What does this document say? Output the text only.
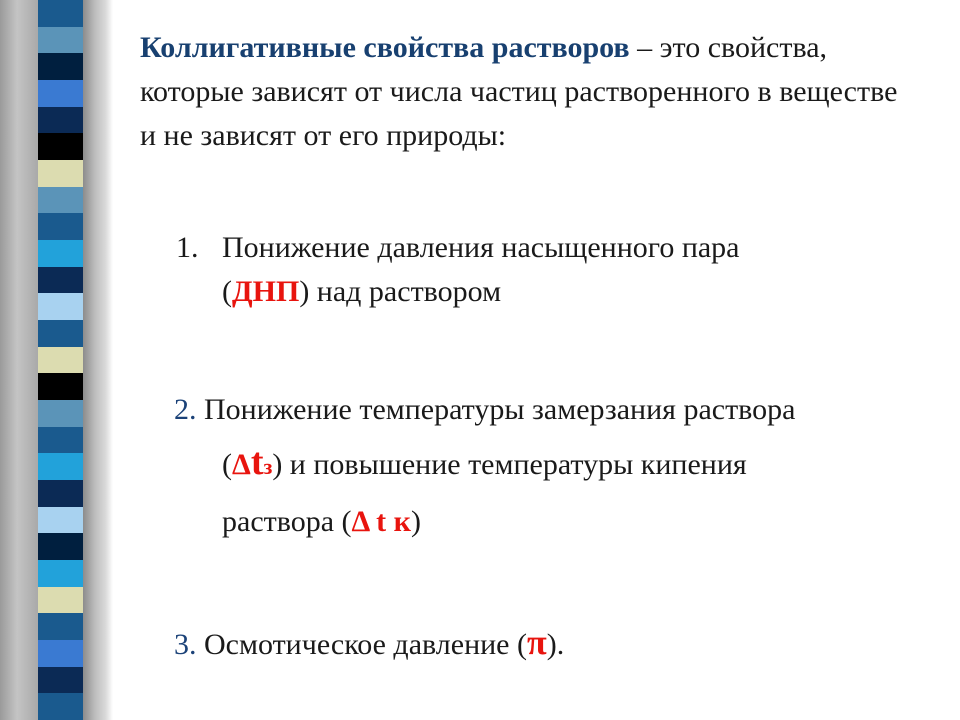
Коллигативные свойства растворов – это свойства, которые зависят от числа частиц растворенного в веществе и не зависят от его природы:

1. Понижение давления насыщенного пара
(ДНП) над раствором

2. Понижение температуры замерзания раствора

(Δtз) и повышение температуры кипения

раствора (Δ t к)

3. Осмотическое давление (π).
